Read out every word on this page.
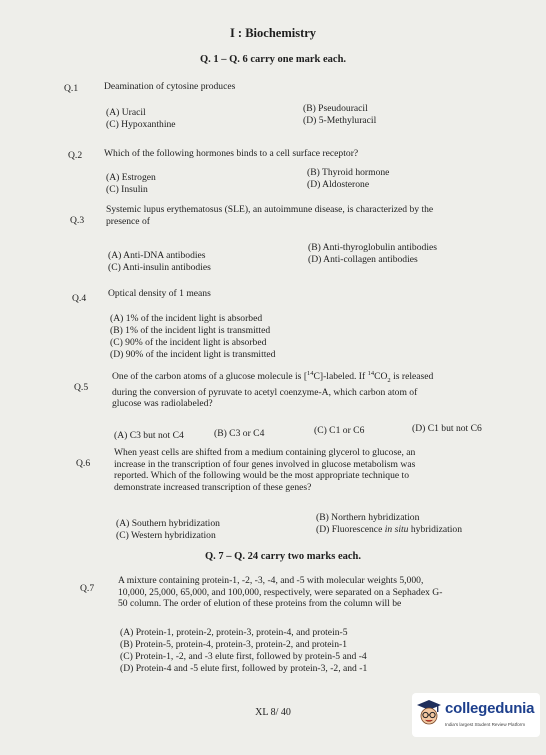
I : Biochemistry
Q. 1 – Q. 6 carry one mark each.
Q.1	Deamination of cytosine produces
(A) Uracil	(B) Pseudouracil
(C) Hypoxanthine	(D) 5-Methyluracil
Q.2 Which of the following hormones binds to a cell surface receptor?
(A) Estrogen	(B) Thyroid hormone
(C) Insulin	(D) Aldosterone
Q.3
Systemic lupus erythematosus (SLE), an autoimmune disease, is characterized by the
presence of
(A) Anti-DNA antibodies
(B) Anti-thyroglobulin antibodies
(C) Anti-insulin antibodies
(D) Anti-collagen antibodies
Q.4 Optical density of 1 means
(A) 1% of the incident light is absorbed
(B) 1% of the incident light is transmitted
(C) 90% of the incident light is absorbed
(D) 90% of the incident light is transmitted
Q.5
One of the carbon atoms of a glucose molecule is [$^{14}$C]-labeled. If $^{14}CO_2$ is released
during the conversion of pyruvate to acetyl coenzyme-A, which carbon atom of
glucose was radiolabeled?
(A) C3 but not C4	(B) C3 or C4	(C) C1 or C6	(D) C1 but not C6
Q.6
When yeast cells are shifted from a medium containing glycerol to glucose, an
increase in the transcription of four genes involved in glucose metabolism was
reported. Which of the following would be the most appropriate technique to
demonstrate increased transcription of these genes?
(A) Southern hybridization
(B) Northern hybridization
(C) Western hybridization
(D) Fluorescence in situ hybridization
Q. 7 – Q. 24 carry two marks each.
Q.7
A mixture containing protein-1, -2, -3, -4, and -5 with molecular weights 5,000,
10,000, 25,000, 65,000, and 100,000, respectively, were separated on a Sephadex G-
50 column. The order of elution of these proteins from the column will be
(A) Protein-1, protein-2, protein-3, protein-4, and protein-5
(B) Protein-5, protein-4, protein-3, protein-2, and protein-1
(C) Protein-1, -2, and -3 elute first, followed by protein-5 and -4
(D) Protein-4 and -5 elute first, followed by protein-3, -2, and -1
XL 8/ 40	collegedunia
India's largest Student Review Platform
